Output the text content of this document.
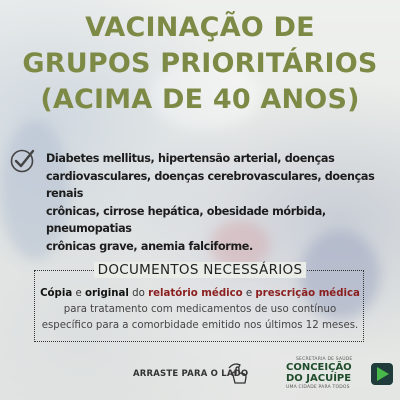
VACINAÇÃO DE
GRUPOS PRIORITÁRIOS
(ACIMA DE 40 ANOS)
Diabetes mellitus, hipertensão arterial, doenças
cardiovasculares, doenças cerebrovasculares, doenças renais
crônicas, cirrose hepática, obesidade mórbida, pneumopatias
crônicas grave, anemia falciforme.
DOCUMENTOS NECESSÁRIOS
Cópia e original do relatório médico e prescrição médica
para tratamento com medicamentos de uso contínuo
específico para a comorbidade emitido nos últimos 12 meses.
ARRASTE PARA O LADO
SECRETARIA DE SAÚDE
CONCEIÇÃO
DO JACUÍPE
UMA CIDADE PARA TODOS
